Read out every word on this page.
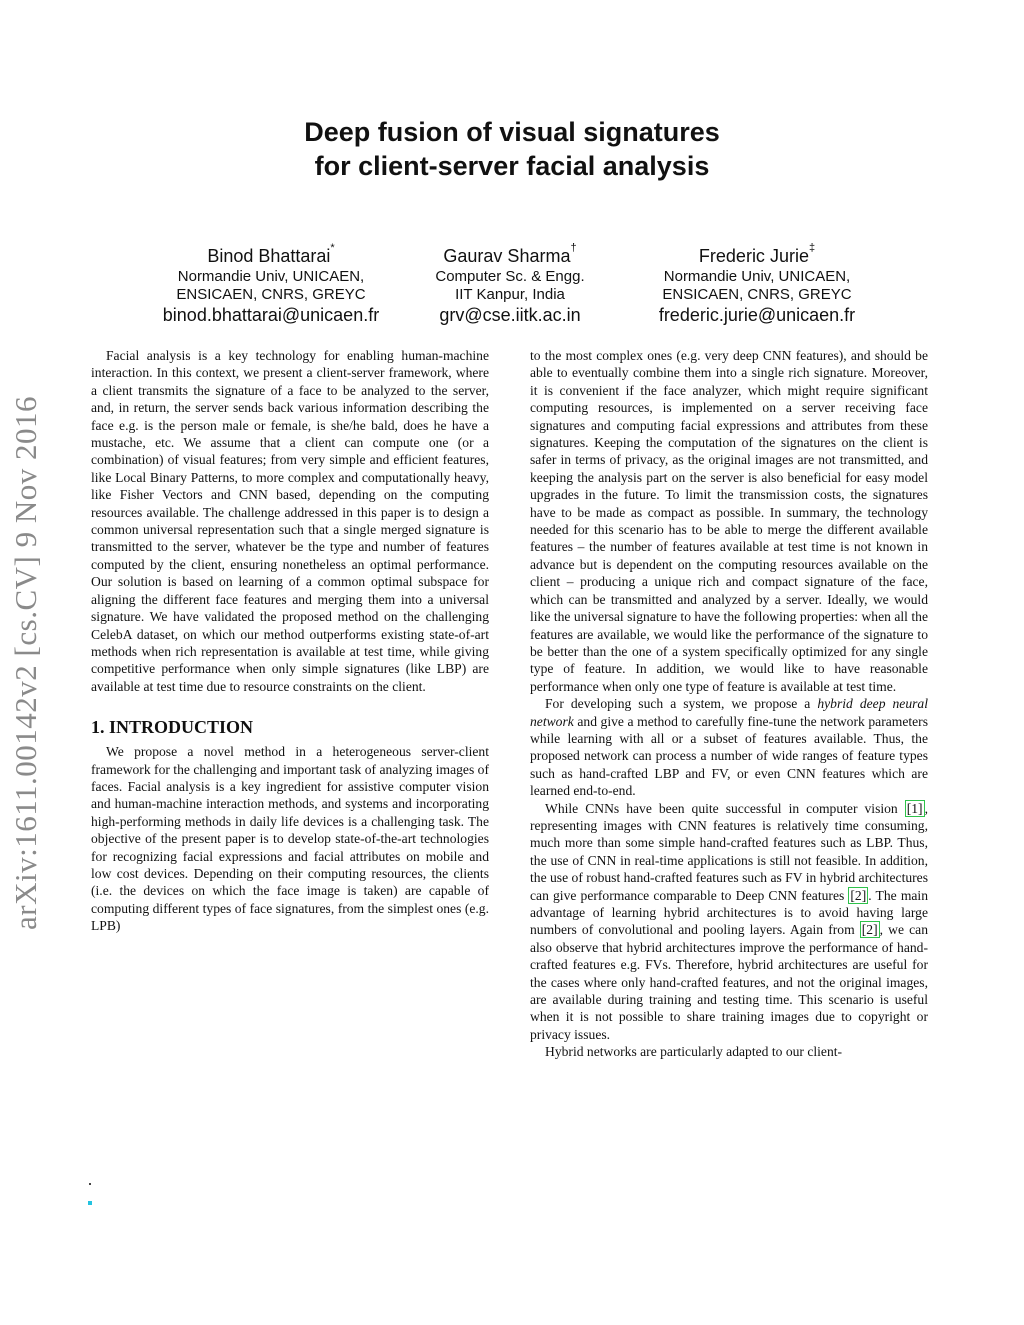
arXiv:1611.00142v2 [cs.CV] 9 Nov 2016
Deep fusion of visual signatures
for client-server facial analysis
Binod Bhattarai*
Normandie Univ, UNICAEN,
ENSICAEN, CNRS, GREYC
binod.bhattarai@unicaen.fr
Gaurav Sharma†
Computer Sc. & Engg.
IIT Kanpur, India
grv@cse.iitk.ac.in
Frederic Jurie‡
Normandie Univ, UNICAEN,
ENSICAEN, CNRS, GREYC
frederic.jurie@unicaen.fr

Facial analysis is a key technology for enabling human-machine interaction. In this context, we present a client-server framework, where a client transmits the signature of a face to be analyzed to the server, and, in return, the server sends back various information describing the face e.g. is the person male or female, is she/he bald, does he have a mustache, etc. We assume that a client can compute one (or a combination) of visual features; from very simple and efficient features, like Local Binary Patterns, to more complex and computationally heavy, like Fisher Vectors and CNN based, depending on the computing resources available. The challenge addressed in this paper is to design a common universal representation such that a single merged signature is transmitted to the server, whatever be the type and number of features computed by the client, ensuring nonetheless an optimal performance. Our solution is based on learning of a common optimal subspace for aligning the different face features and merging them into a universal signature. We have validated the proposed method on the challenging CelebA dataset, on which our method outperforms existing state-of-art methods when rich representation is available at test time, while giving competitive performance when only simple signatures (like LBP) are available at test time due to resource constraints on the client.

1. INTRODUCTION

We propose a novel method in a heterogeneous server-client framework for the challenging and important task of analyzing images of faces. Facial analysis is a key ingredient for assistive computer vision and human-machine interaction methods, and systems and incorporating high-performing methods in daily life devices is a challenging task. The objective of the present paper is to develop state-of-the-art technologies for recognizing facial expressions and facial attributes on mobile and low cost devices. Depending on their computing resources, the clients (i.e. the devices on which the face image is taken) are capable of computing different types of face signatures, from the simplest ones (e.g. LPB)

to the most complex ones (e.g. very deep CNN features), and should be able to eventually combine them into a single rich signature. Moreover, it is convenient if the face analyzer, which might require significant computing resources, is implemented on a server receiving face signatures and computing facial expressions and attributes from these signatures. Keeping the computation of the signatures on the client is safer in terms of privacy, as the original images are not transmitted, and keeping the analysis part on the server is also beneficial for easy model upgrades in the future. To limit the transmission costs, the signatures have to be made as compact as possible. In summary, the technology needed for this scenario has to be able to merge the different available features – the number of features available at test time is not known in advance but is dependent on the computing resources available on the client – producing a unique rich and compact signature of the face, which can be transmitted and analyzed by a server. Ideally, we would like the universal signature to have the following properties: when all the features are available, we would like the performance of the signature to be better than the one of a system specifically optimized for any single type of feature. In addition, we would like to have reasonable performance when only one type of feature is available at test time.

For developing such a system, we propose a hybrid deep neural network and give a method to carefully fine-tune the network parameters while learning with all or a subset of features available. Thus, the proposed network can process a number of wide ranges of feature types such as hand-crafted LBP and FV, or even CNN features which are learned end-to-end.

While CNNs have been quite successful in computer vision [1] , representing images with CNN features is relatively time consuming, much more than some simple hand-crafted features such as LBP. Thus, the use of CNN in real-time applications is still not feasible. In addition, the use of robust hand-crafted features such as FV in hybrid architectures can give performance comparable to Deep CNN features [2] . The main advantage of learning hybrid architectures is to avoid having large numbers of convolutional and pooling layers. Again from [2] , we can also observe that hybrid architectures improve the performance of hand-crafted features e.g. FVs. Therefore, hybrid architectures are useful for the cases where only hand-crafted features, and not the original images, are available during training and testing time. This scenario is useful when it is not possible to share training images due to copyright or privacy issues.

Hybrid networks are particularly adapted to our client-
